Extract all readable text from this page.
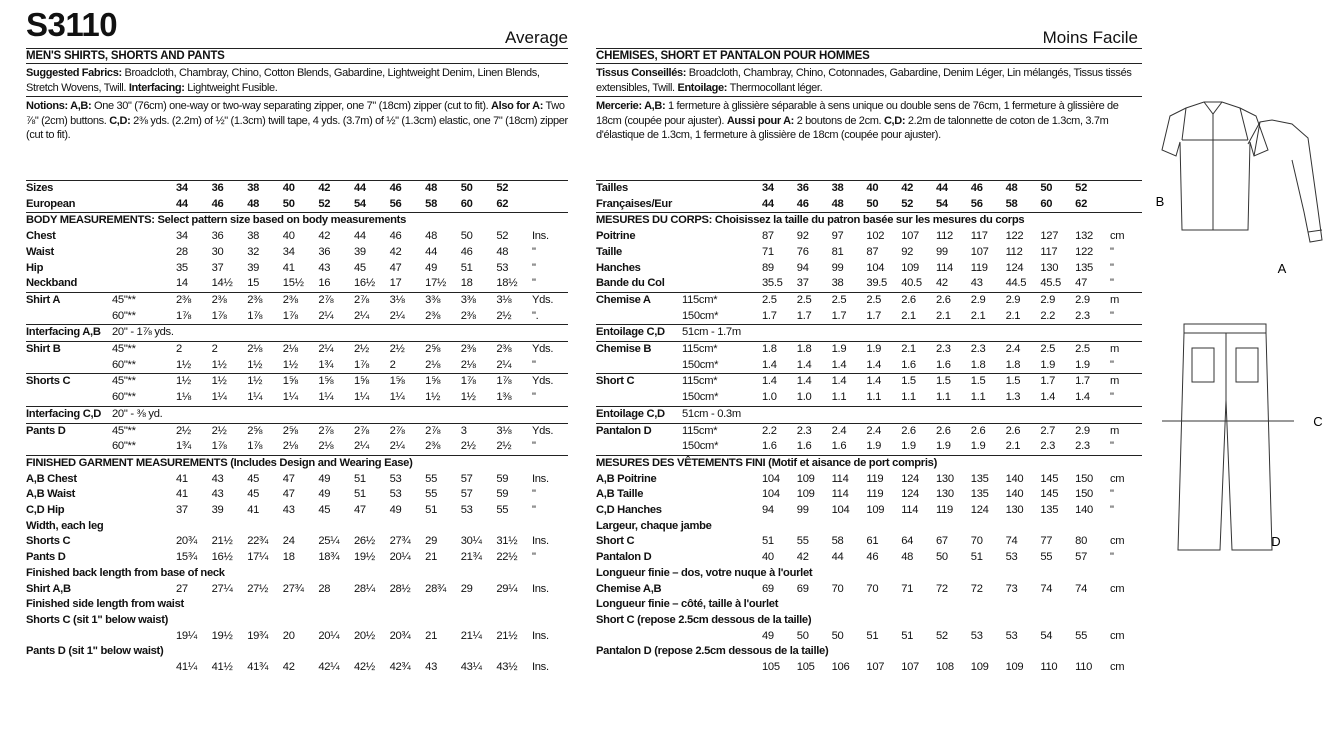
S3110	Average
MEN'S SHIRTS, SHORTS AND PANTS
Suggested Fabrics: Broadcloth, Chambray, Chino, Cotton Blends, Gabardine, Lightweight Denim, Linen Blends, Stretch Wovens, Twill. Interfacing: Lightweight Fusible.
Notions: A,B: One 30" (76cm) one-way or two-way separating zipper, one 7" (18cm) zipper (cut to fit). Also for A: Two ⅞" (2cm) buttons. C,D: 2⅜ yds. (2.2m) of ½" (1.3cm) twill tape, 4 yds. (3.7m) of ½" (1.3cm) elastic, one 7" (18cm) zipper (cut to fit).
Sizes		34	36	38	40	42	44	46	48	50	52	
European		44	46	48	50	52	54	56	58	60	62	
BODY MEASUREMENTS: Select pattern size based on body measurements												
Chest		34	36	38	40	42	44	46	48	50	52	Ins.
Waist		28	30	32	34	36	39	42	44	46	48	"
Hip		35	37	39	41	43	45	47	49	51	53	"
Neckband		14	14½	15	15½	16	16½	17	17½	18	18½	"
Shirt A	45"**	2⅜	2⅜	2⅜	2⅜	2⅞	2⅞	3⅛	3⅜	3⅜	3⅛	Yds.
	60"**	1⅞	1⅞	1⅞	1⅞	2¼	2¼	2¼	2⅜	2⅜	2½	".
Interfacing A,B	20" - 1⅞ yds.											
Shirt B	45"**	2	2	2⅛	2⅛	2¼	2½	2½	2⅝	2⅜	2⅜	Yds.
	60"**	1½	1½	1½	1½	1¾	1⅞	2	2⅛	2⅛	2¼	"
Shorts C	45"**	1½	1½	1½	1⅝	1⅝	1⅝	1⅝	1⅝	1⅞	1⅞	Yds.
	60"**	1⅛	1¼	1¼	1¼	1¼	1¼	1¼	1½	1½	1⅜	"
Interfacing C,D	20" - ⅜ yd.											
Pants D	45"**	2½	2½	2⅝	2⅝	2⅞	2⅞	2⅞	2⅞	3	3⅛	Yds.
	60"**	1¾	1⅞	1⅞	2⅛	2⅛	2¼	2¼	2⅜	2½	2½	"
FINISHED GARMENT MEASUREMENTS (Includes Design and Wearing Ease)												
A,B Chest		41	43	45	47	49	51	53	55	57	59	Ins.
A,B Waist		41	43	45	47	49	51	53	55	57	59	"
C,D Hip		37	39	41	43	45	47	49	51	53	55	"
Width, each leg												
Shorts C		20¾	21½	22¾	24	25¼	26½	27¾	29	30¼	31½	Ins.
Pants D		15¾	16½	17¼	18	18¾	19½	20¼	21	21¾	22½	"
Finished back length from base of neck												
Shirt A,B		27	27¼	27½	27¾	28	28¼	28½	28¾	29	29¼	Ins.
Finished side length from waist												
Shorts C (sit 1" below waist)												
		19¼	19½	19¾	20	20¼	20½	20¾	21	21¼	21½	Ins.
Pants D (sit 1" below waist)												
		41¼	41½	41¾	42	42¼	42½	42¾	43	43¼	43½	Ins.
Moins Facile
CHEMISES, SHORT ET PANTALON POUR HOMMES
Tissus Conseillés: Broadcloth, Chambray, Chino, Cotonnades, Gabardine, Denim Léger, Lin mélangés, Tissus tissés extensibles, Twill. Entoilage: Thermocollant léger.
Mercerie: A,B: 1 fermeture à glissière séparable à sens unique ou double sens de 76cm, 1 fermeture à glissière de 18cm (coupée pour ajuster). Aussi pour A: 2 boutons de 2cm. C,D: 2.2m de talonnette de coton de 1.3cm, 3.7m d'élastique de 1.3cm, 1 fermeture à glissière de 18cm (coupée pour ajuster).
Tailles		34	36	38	40	42	44	46	48	50	52	
Françaises/Eur		44	46	48	50	52	54	56	58	60	62	
MESURES DU CORPS: Choisissez la taille du patron basée sur les mesures du corps												
Poitrine		87	92	97	102	107	112	117	122	127	132	cm
Taille		71	76	81	87	92	99	107	112	117	122	"
Hanches		89	94	99	104	109	114	119	124	130	135	"
Bande du Col		35.5	37	38	39.5	40.5	42	43	44.5	45.5	47	"
Chemise A	115cm*	2.5	2.5	2.5	2.5	2.6	2.6	2.9	2.9	2.9	2.9	m
	150cm*	1.7	1.7	1.7	1.7	2.1	2.1	2.1	2.1	2.2	2.3	"
Entoilage C,D	51cm - 1.7m											
Chemise B	115cm*	1.8	1.8	1.9	1.9	2.1	2.3	2.3	2.4	2.5	2.5	m
	150cm*	1.4	1.4	1.4	1.4	1.6	1.6	1.8	1.8	1.9	1.9	"
Short C	115cm*	1.4	1.4	1.4	1.4	1.5	1.5	1.5	1.5	1.7	1.7	m
	150cm*	1.0	1.0	1.1	1.1	1.1	1.1	1.1	1.3	1.4	1.4	"
Entoilage C,D	51cm - 0.3m											
Pantalon D	115cm*	2.2	2.3	2.4	2.4	2.6	2.6	2.6	2.6	2.7	2.9	m
	150cm*	1.6	1.6	1.6	1.9	1.9	1.9	1.9	2.1	2.3	2.3	"
MESURES DES VÊTEMENTS FINI (Motif et aisance de port compris)												
A,B Poitrine		104	109	114	119	124	130	135	140	145	150	cm
A,B Taille		104	109	114	119	124	130	135	140	145	150	"
C,D Hanches		94	99	104	109	114	119	124	130	135	140	"
Largeur, chaque jambe												
Short C		51	55	58	61	64	67	70	74	77	80	cm
Pantalon D		40	42	44	46	48	50	51	53	55	57	"
Longueur finie – dos, votre nuque à l'ourlet												
Chemise A,B		69	69	70	70	71	72	72	73	74	74	cm
Longueur finie – côté, taille à l'ourlet												
Short C (repose 2.5cm dessous de la taille)												
		49	50	50	51	51	52	53	53	54	55	cm
Pantalon D (repose 2.5cm dessous de la taille)												
		105	105	106	107	107	108	109	109	110	110	cm
B
A
C
D
